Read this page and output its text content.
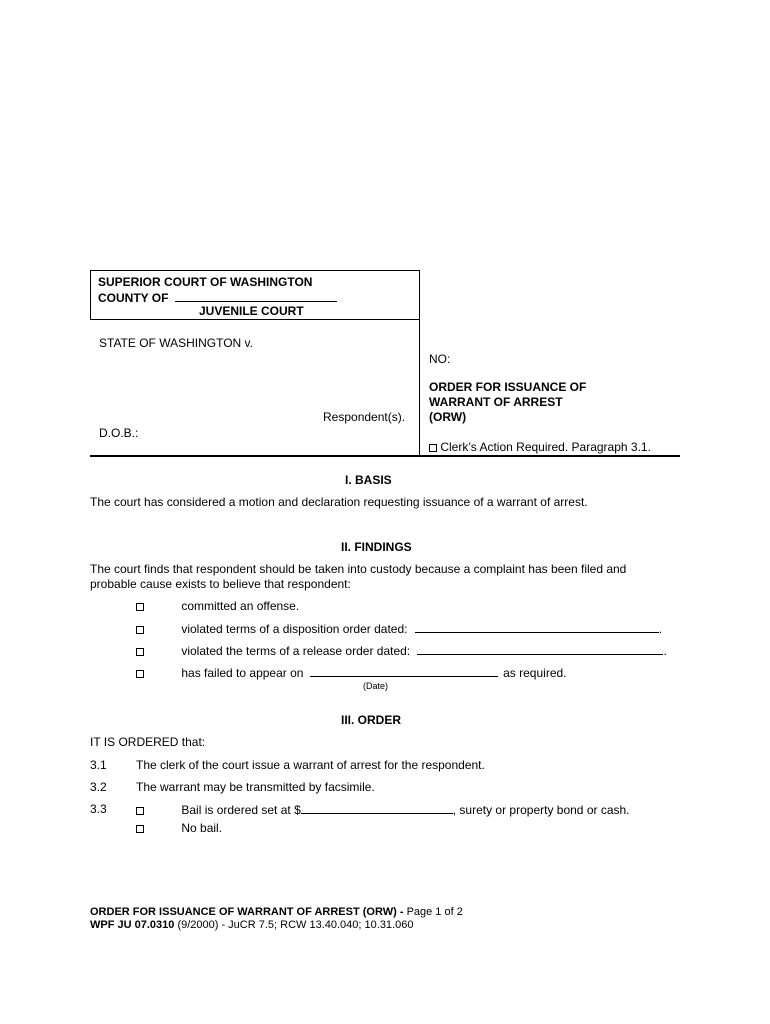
SUPERIOR COURT OF WASHINGTON
COUNTY OF
JUVENILE COURT
STATE OF WASHINGTON v.
Respondent(s).
D.O.B.:
NO:
ORDER FOR ISSUANCE OF
WARRANT OF ARREST
(ORW)
Clerk’s Action Required. Paragraph 3.1.
I. BASIS
The court has considered a motion and declaration requesting issuance of a warrant of arrest.
II. FINDINGS
The court finds that respondent should be taken into custody because a complaint has been filed and
probable cause exists to believe that respondent:
committed an offense.
violated terms of a disposition order dated:	.
violated the terms of a release order dated:	.
has failed to appear on	as required.
(Date)
III. ORDER
IT IS ORDERED that:
3.1 The clerk of the court issue a warrant of arrest for the respondent.
3.2 The warrant may be transmitted by facsimile.
3.3	Bail is ordered set at $	, surety or property bond or cash.
No bail.
ORDER FOR ISSUANCE OF WARRANT OF ARREST (ORW) - Page 1 of 2
WPF JU 07.0310 (9/2000) - JuCR 7.5; RCW 13.40.040; 10.31.060
